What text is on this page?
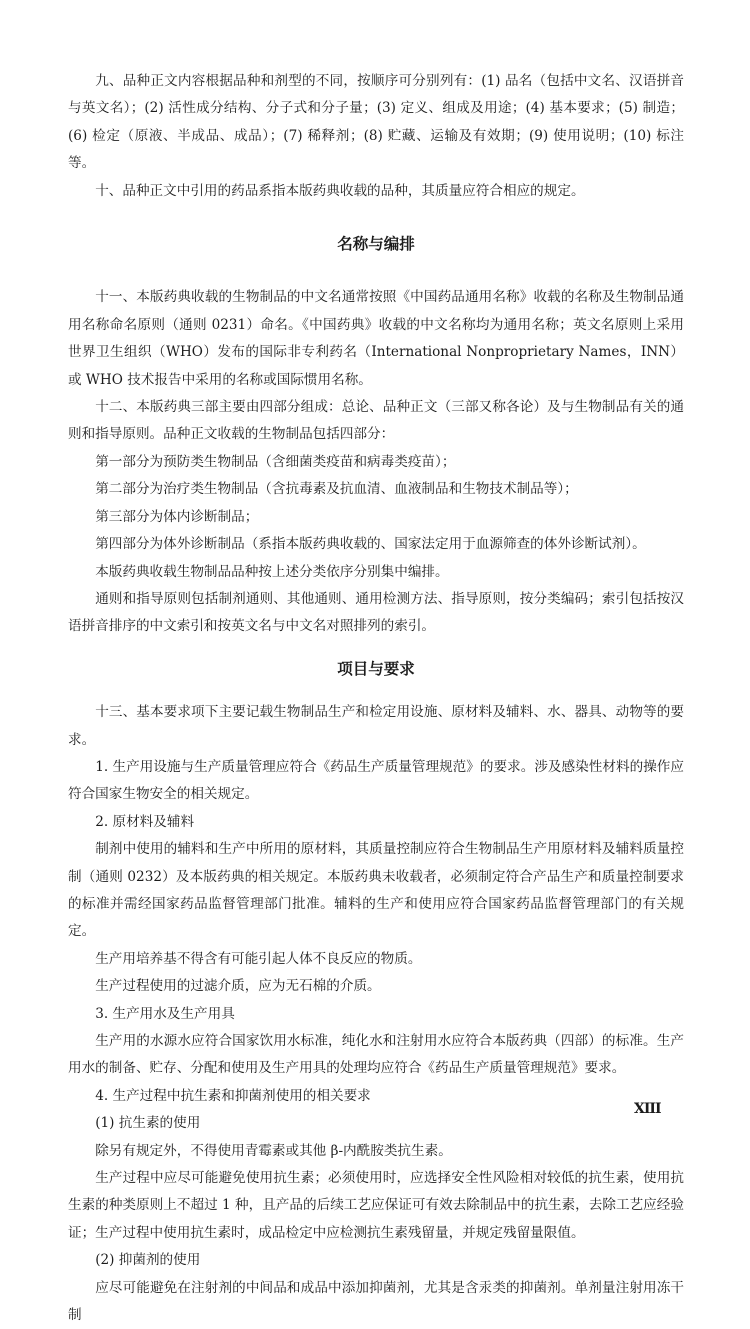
九、品种正文内容根据品种和剂型的不同，按顺序可分别列有：(1) 品名（包括中文名、汉语拼音与英文名）；(2) 活性成分结构、分子式和分子量；(3) 定义、组成及用途；(4) 基本要求；(5) 制造；(6) 检定（原液、半成品、成品）；(7) 稀释剂；(8) 贮藏、运输及有效期；(9) 使用说明；(10) 标注等。

十、品种正文中引用的药品系指本版药典收载的品种，其质量应符合相应的规定。

名称与编排

十一、本版药典收载的生物制品的中文名通常按照《中国药品通用名称》收载的名称及生物制品通用名称命名原则（通则 0231）命名。《中国药典》收载的中文名称均为通用名称；英文名原则上采用世界卫生组织（WHO）发布的国际非专利药名（International Nonproprietary Names，INN）或 WHO 技术报告中采用的名称或国际惯用名称。

十二、本版药典三部主要由四部分组成：总论、品种正文（三部又称各论）及与生物制品有关的通则和指导原则。品种正文收载的生物制品包括四部分：

第一部分为预防类生物制品（含细菌类疫苗和病毒类疫苗）；

第二部分为治疗类生物制品（含抗毒素及抗血清、血液制品和生物技术制品等）；

第三部分为体内诊断制品；

第四部分为体外诊断制品（系指本版药典收载的、国家法定用于血源筛查的体外诊断试剂）。

本版药典收载生物制品品种按上述分类依序分别集中编排。

通则和指导原则包括制剂通则、其他通则、通用检测方法、指导原则，按分类编码；索引包括按汉语拼音排序的中文索引和按英文名与中文名对照排列的索引。

项目与要求

十三、基本要求项下主要记载生物制品生产和检定用设施、原材料及辅料、水、器具、动物等的要求。

1. 生产用设施与生产质量管理应符合《药品生产质量管理规范》的要求。涉及感染性材料的操作应符合国家生物安全的相关规定。

2. 原材料及辅料

制剂中使用的辅料和生产中所用的原材料，其质量控制应符合生物制品生产用原材料及辅料质量控制（通则 0232）及本版药典的相关规定。本版药典未收载者，必须制定符合产品生产和质量控制要求的标准并需经国家药品监督管理部门批准。辅料的生产和使用应符合国家药品监督管理部门的有关规定。

生产用培养基不得含有可能引起人体不良反应的物质。

生产过程使用的过滤介质，应为无石棉的介质。

3. 生产用水及生产用具

生产用的水源水应符合国家饮用水标准，纯化水和注射用水应符合本版药典（四部）的标准。生产用水的制备、贮存、分配和使用及生产用具的处理均应符合《药品生产质量管理规范》要求。

4. 生产过程中抗生素和抑菌剂使用的相关要求

(1) 抗生素的使用

除另有规定外，不得使用青霉素或其他 β-内酰胺类抗生素。

生产过程中应尽可能避免使用抗生素；必须使用时，应选择安全性风险相对较低的抗生素，使用抗生素的种类原则上不超过 1 种，且产品的后续工艺应保证可有效去除制品中的抗生素，去除工艺应经验证；生产过程中使用抗生素时，成品检定中应检测抗生素残留量，并规定残留量限值。

(2) 抑菌剂的使用

应尽可能避免在注射剂的中间品和成品中添加抑菌剂，尤其是含汞类的抑菌剂。单剂量注射用冻干制

XIII
